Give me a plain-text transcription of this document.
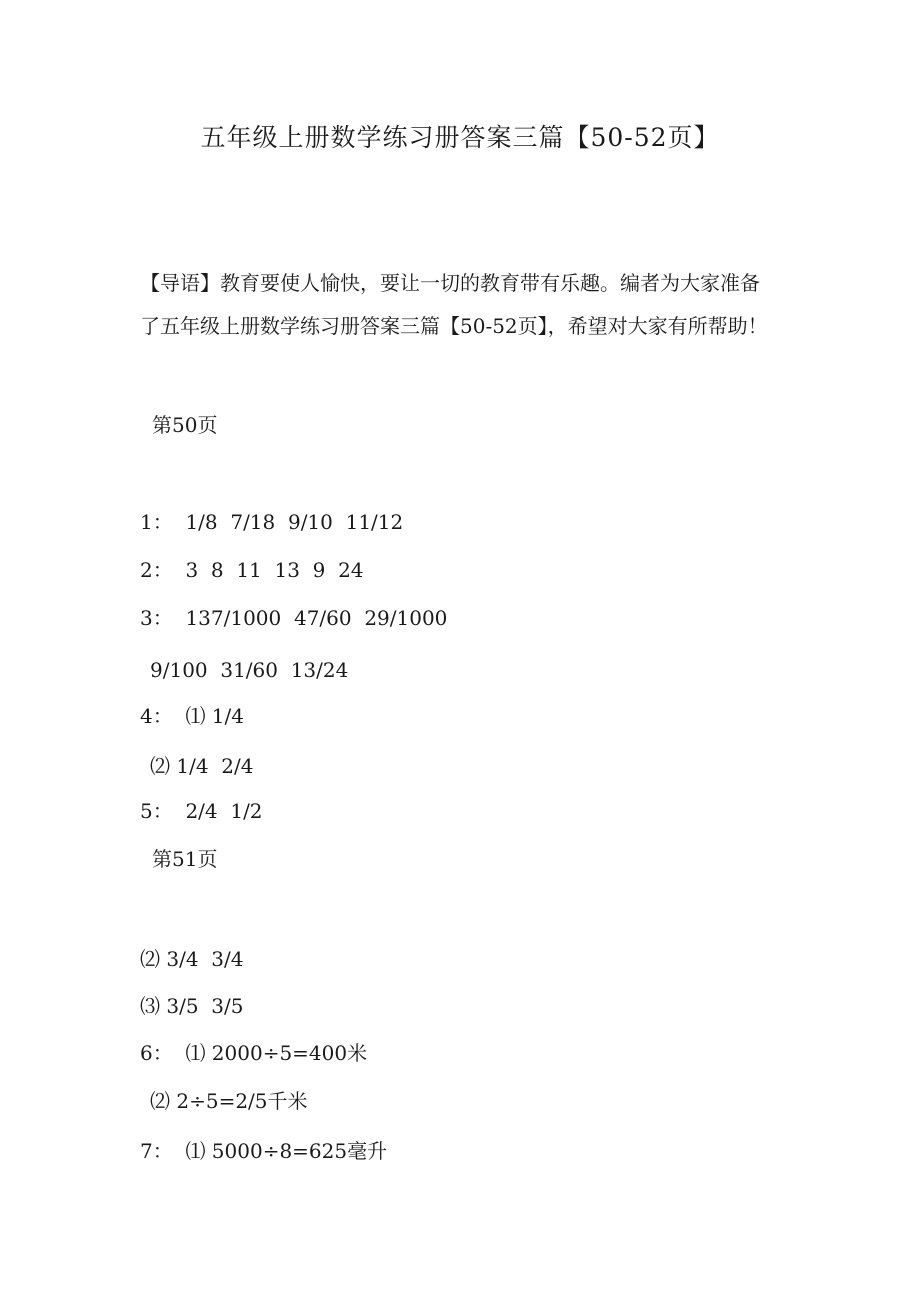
五年级上册数学练习册答案三篇【50-52页】

【导语】教育要使人愉快，要让一切的教育带有乐趣。编者为大家准备了五年级上册数学练习册答案三篇【50-52页】，希望对大家有所帮助！

第50页
1：  1/8  7/18  9/10  11/12
2：  3  8  11  13  9  24
3：  137/1000  47/60  29/1000
9/100  31/60  13/24
4：  ⑴ 1/4
⑵ 1/4  2/4
5：  2/4  1/2
第51页
⑵ 3/4  3/4
⑶ 3/5  3/5
6：  ⑴ 2000÷5=400米
⑵ 2÷5=2/5千米
7：  ⑴ 5000÷8=625毫升
